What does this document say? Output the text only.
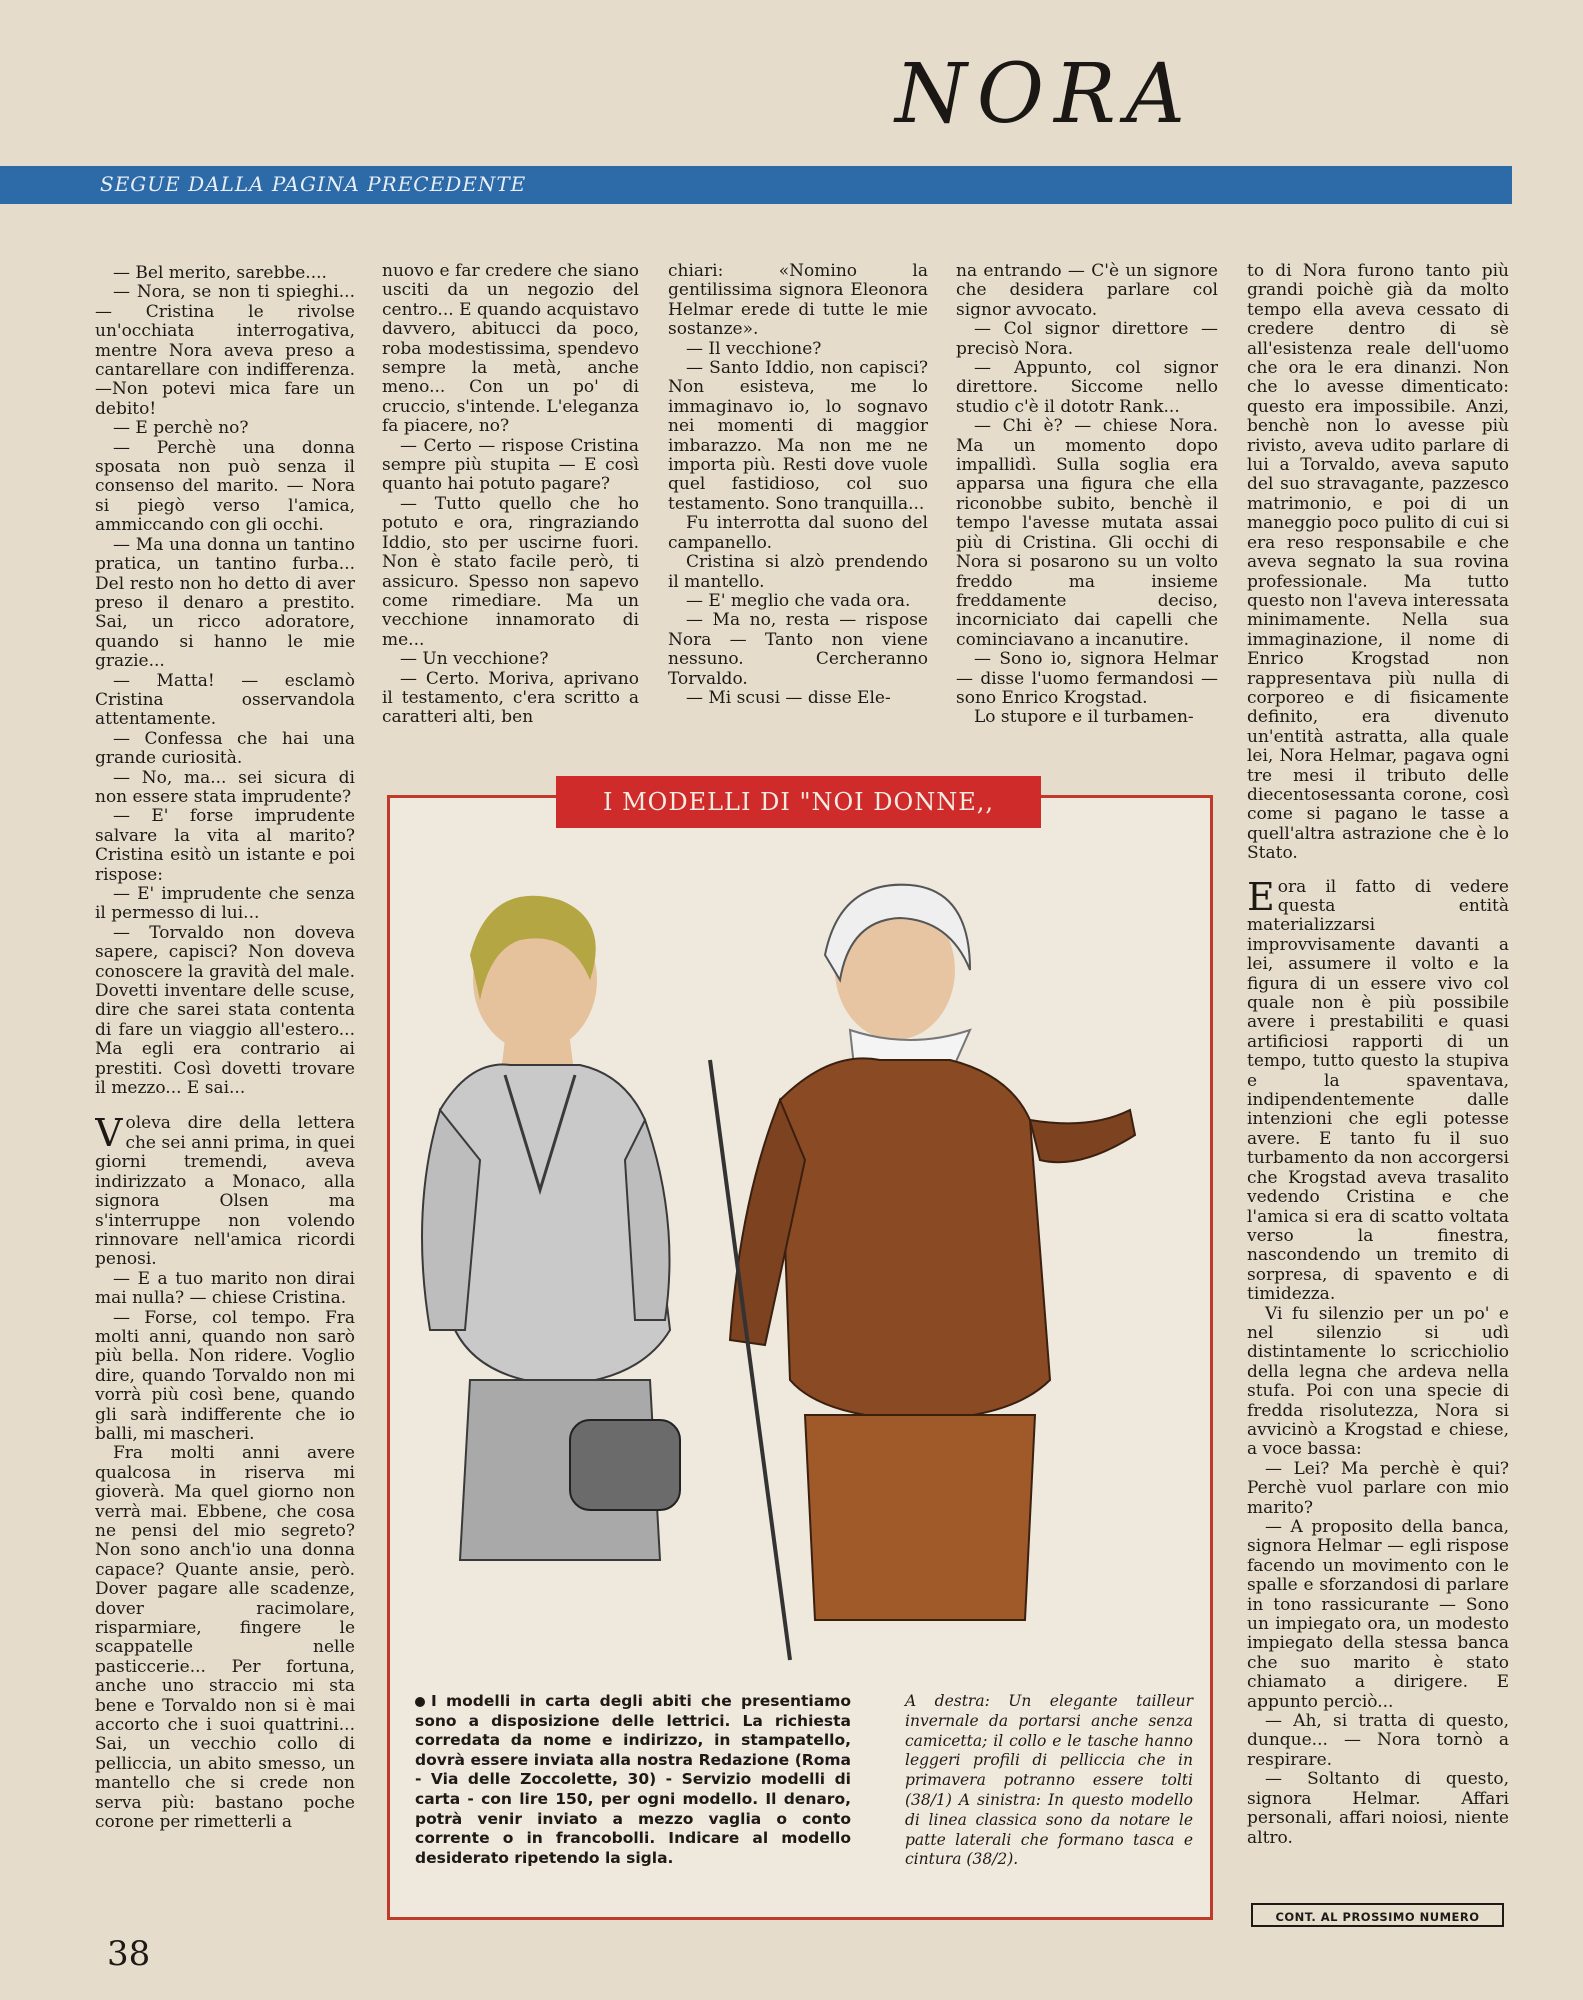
NORA
SEGUE DALLA PAGINA PRECEDENTE

— Bel merito, sarebbe....

— Nora, se non ti spieghi... — Cristina le rivolse un'occhiata interrogativa, mentre Nora aveva preso a cantarellare con indifferenza. —Non potevi mica fare un debito!

— E perchè no?

— Perchè una donna sposata non può senza il consenso del marito. — Nora si piegò verso l'amica, ammiccando con gli occhi.

— Ma una donna un tantino pratica, un tantino furba... Del resto non ho detto di aver preso il denaro a prestito. Sai, un ricco adoratore, quando si hanno le mie grazie...

— Matta! — esclamò Cristina osservandola attentamente.

— Confessa che hai una grande curiosità.

— No, ma... sei sicura di non essere stata imprudente?

— E' forse imprudente salvare la vita al marito? Cristina esitò un istante e poi rispose:

— E' imprudente che senza il permesso di lui...

— Torvaldo non doveva sapere, capisci? Non doveva conoscere la gravità del male. Dovetti inventare delle scuse, dire che sarei stata contenta di fare un viaggio all'estero... Ma egli era contrario ai prestiti. Così dovetti trovare il mezzo... E sai...

Voleva dire della lettera che sei anni prima, in quei giorni tremendi, aveva indirizzato a Monaco, alla signora Olsen ma s'interruppe non volendo rinnovare nell'amica ricordi penosi.

— E a tuo marito non dirai mai nulla? — chiese Cristina.

— Forse, col tempo. Fra molti anni, quando non sarò più bella. Non ridere. Voglio dire, quando Torvaldo non mi vorrà più così bene, quando gli sarà indifferente che io balli, mi mascheri.

Fra molti anni avere qualcosa in riserva mi gioverà. Ma quel giorno non verrà mai. Ebbene, che cosa ne pensi del mio segreto? Non sono anch'io una donna capace? Quante ansie, però. Dover pagare alle scadenze, dover racimolare, risparmiare, fingere le scappatelle nelle pasticcerie... Per fortuna, anche uno straccio mi sta bene e Torvaldo non si è mai accorto che i suoi quattrini... Sai, un vecchio collo di pelliccia, un abito smesso, un mantello che si crede non serva più: bastano poche corone per rimetterli a

nuovo e far credere che siano usciti da un negozio del centro... E quando acquistavo davvero, abitucci da poco, roba modestissima, spendevo sempre la metà, anche meno... Con un po' di cruccio, s'intende. L'eleganza fa piacere, no?

— Certo — rispose Cristina sempre più stupita — E così quanto hai potuto pagare?

— Tutto quello che ho potuto e ora, ringraziando Iddio, sto per uscirne fuori. Non è stato facile però, ti assicuro. Spesso non sapevo come rimediare. Ma un vecchione innamorato di me...

— Un vecchione?

— Certo. Moriva, aprivano il testamento, c'era scritto a caratteri alti, ben

chiari: «Nomino la gentilissima signora Eleonora Helmar erede di tutte le mie sostanze».

— Il vecchione?

— Santo Iddio, non capisci? Non esisteva, me lo immaginavo io, lo sognavo nei momenti di maggior imbarazzo. Ma non me ne importa più. Resti dove vuole quel fastidioso, col suo testamento. Sono tranquilla...

Fu interrotta dal suono del campanello.

Cristina si alzò prendendo il mantello.

— E' meglio che vada ora.

— Ma no, resta — rispose Nora — Tanto non viene nessuno. Cercheranno Torvaldo.

— Mi scusi — disse Ele-

na entrando — C'è un signore che desidera parlare col signor avvocato.

— Col signor direttore — precisò Nora.

— Appunto, col signor direttore. Siccome nello studio c'è il dototr Rank...

— Chi è? — chiese Nora. Ma un momento dopo impallidì. Sulla soglia era apparsa una figura che ella riconobbe subito, benchè il tempo l'avesse mutata assai più di Cristina. Gli occhi di Nora si posarono su un volto freddo ma insieme freddamente deciso, incorniciato dai capelli che cominciavano a incanutire.

— Sono io, signora Helmar — disse l'uomo fermandosi — sono Enrico Krogstad.

Lo stupore e il turbamen-

to di Nora furono tanto più grandi poichè già da molto tempo ella aveva cessato di credere dentro di sè all'esistenza reale dell'uomo che ora le era dinanzi. Non che lo avesse dimenticato: questo era impossibile. Anzi, benchè non lo avesse più rivisto, aveva udito parlare di lui a Torvaldo, aveva saputo del suo stravagante, pazzesco matrimonio, e poi di un maneggio poco pulito di cui si era reso responsabile e che aveva segnato la sua rovina professionale. Ma tutto questo non l'aveva interessata minimamente. Nella sua immaginazione, il nome di Enrico Krogstad non rappresentava più nulla di corporeo e di fisicamente definito, era divenuto un'entità astratta, alla quale lei, Nora Helmar, pagava ogni tre mesi il tributo delle diecentosessanta corone, così come si pagano le tasse a quell'altra astrazione che è lo Stato.

Eora il fatto di vedere questa entità materializzarsi improvvisamente davanti a lei, assumere il volto e la figura di un essere vivo col quale non è più possibile avere i prestabiliti e quasi artificiosi rapporti di un tempo, tutto questo la stupiva e la spaventava, indipendentemente dalle intenzioni che egli potesse avere. E tanto fu il suo turbamento da non accorgersi che Krogstad aveva trasalito vedendo Cristina e che l'amica si era di scatto voltata verso la finestra, nascondendo un tremito di sorpresa, di spavento e di timidezza.

Vi fu silenzio per un po' e nel silenzio si udì distintamente lo scricchiolio della legna che ardeva nella stufa. Poi con una specie di fredda risolutezza, Nora si avvicinò a Krogstad e chiese, a voce bassa:

— Lei? Ma perchè è qui? Perchè vuol parlare con mio marito?

— A proposito della banca, signora Helmar — egli rispose facendo un movimento con le spalle e sforzandosi di parlare in tono rassicurante — Sono un impiegato ora, un modesto impiegato della stessa banca che suo marito è stato chiamato a dirigere. E appunto perciò...

— Ah, si tratta di questo, dunque... — Nora tornò a respirare.

— Soltanto di questo, signora Helmar. Affari personali, affari noiosi, niente altro.

I MODELLI DI "NOI DONNE,,
I modelli in carta degli abiti che presentiamo sono a disposizione delle lettrici. La richiesta corredata da nome e indirizzo, in stampatello, dovrà essere inviata alla nostra Redazione (Roma - Via delle Zoccolette, 30) - Servizio modelli di carta - con lire 150, per ogni modello. Il denaro, potrà venir inviato a mezzo vaglia o conto corrente o in francobolli. Indicare al modello desiderato ripetendo la sigla.
A destra: Un elegante tailleur invernale da portarsi anche senza camicetta; il collo e le tasche hanno leggeri profili di pelliccia che in primavera potranno essere tolti (38/1) A sinistra: In questo modello di linea classica sono da notare le patte laterali che formano tasca e cintura (38/2).
38
CONT. AL PROSSIMO NUMERO
